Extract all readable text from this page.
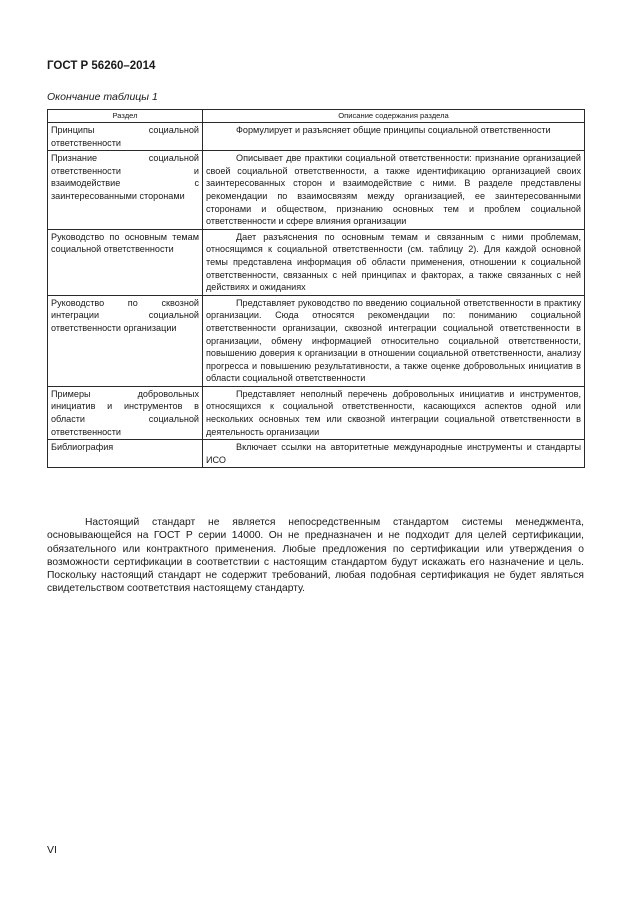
ГОСТ Р 56260–2014
Окончание таблицы 1
Раздел	Описание содержания раздела
Принципы социальной ответственности	Формулирует и разъясняет общие принципы социальной ответственности
Признание социальной ответственности и взаимодействие с заинтересованными сторонами	Описывает две практики социальной ответственности: признание организацией своей социальной ответственности, а также идентификацию организацией своих заинтересованных сторон и взаимодействие с ними. В разделе представлены рекомендации по взаимосвязям между организацией, ее заинтересованными сторонами и обществом, признанию основных тем и проблем социальной ответственности и сфере влияния организации
Руководство по основным темам социальной ответственности	Дает разъяснения по основным темам и связанным с ними проблемам, относящимся к социальной ответственности (см. таблицу 2). Для каждой основной темы представлена информация об области применения, отношении к социальной ответственности, связанных с ней принципах и факторах, а также связанных с ней действиях и ожиданиях
Руководство по сквозной интеграции социальной ответственности организации	Представляет руководство по введению социальной ответственности в практику организации. Сюда относятся рекомендации по: пониманию социальной ответственности организации, сквозной интеграции социальной ответственности в организации, обмену информацией относительно социальной ответственности, повышению доверия к организации в отношении социальной ответственности, анализу прогресса и повышению результативности, а также оценке добровольных инициатив в области социальной ответственности
Примеры добровольных инициатив и инструментов в области социальной ответственности	Представляет неполный перечень добровольных инициатив и инструментов, относящихся к социальной ответственности, касающихся аспектов одной или нескольких основных тем или сквозной интеграции социальной ответственности в деятельность организации
Библиография	Включает ссылки на авторитетные международные инструменты и стандарты ИСО

Настоящий стандарт не является непосредственным стандартом системы менеджмента, основывающейся на ГОСТ Р серии 14000. Он не предназначен и не подходит для целей сертификации, обязательного или контрактного применения. Любые предложения по сертификации или утверждения о возможности сертификации в соответствии с настоящим стандартом будут искажать его назначение и цель. Поскольку настоящий стандарт не содержит требований, любая подобная сертификация не будет являться свидетельством соответствия настоящему стандарту.

VI
